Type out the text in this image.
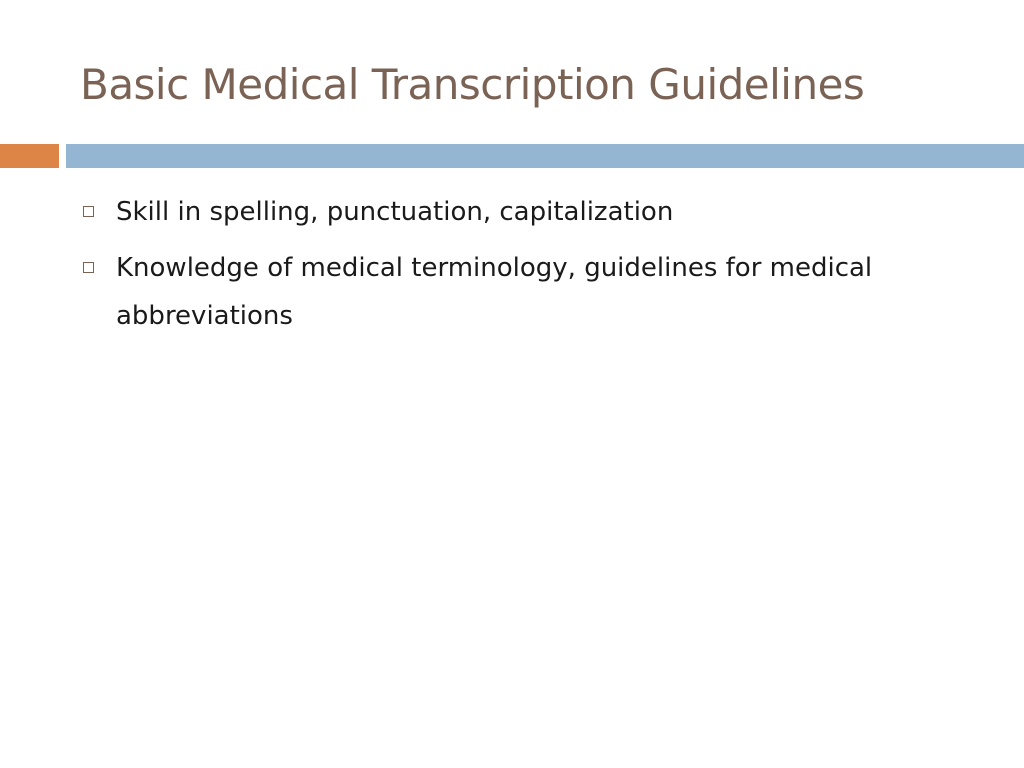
Basic Medical Transcription Guidelines
Skill in spelling, punctuation, capitalization
Knowledge of medical terminology, guidelines for medical abbreviations
